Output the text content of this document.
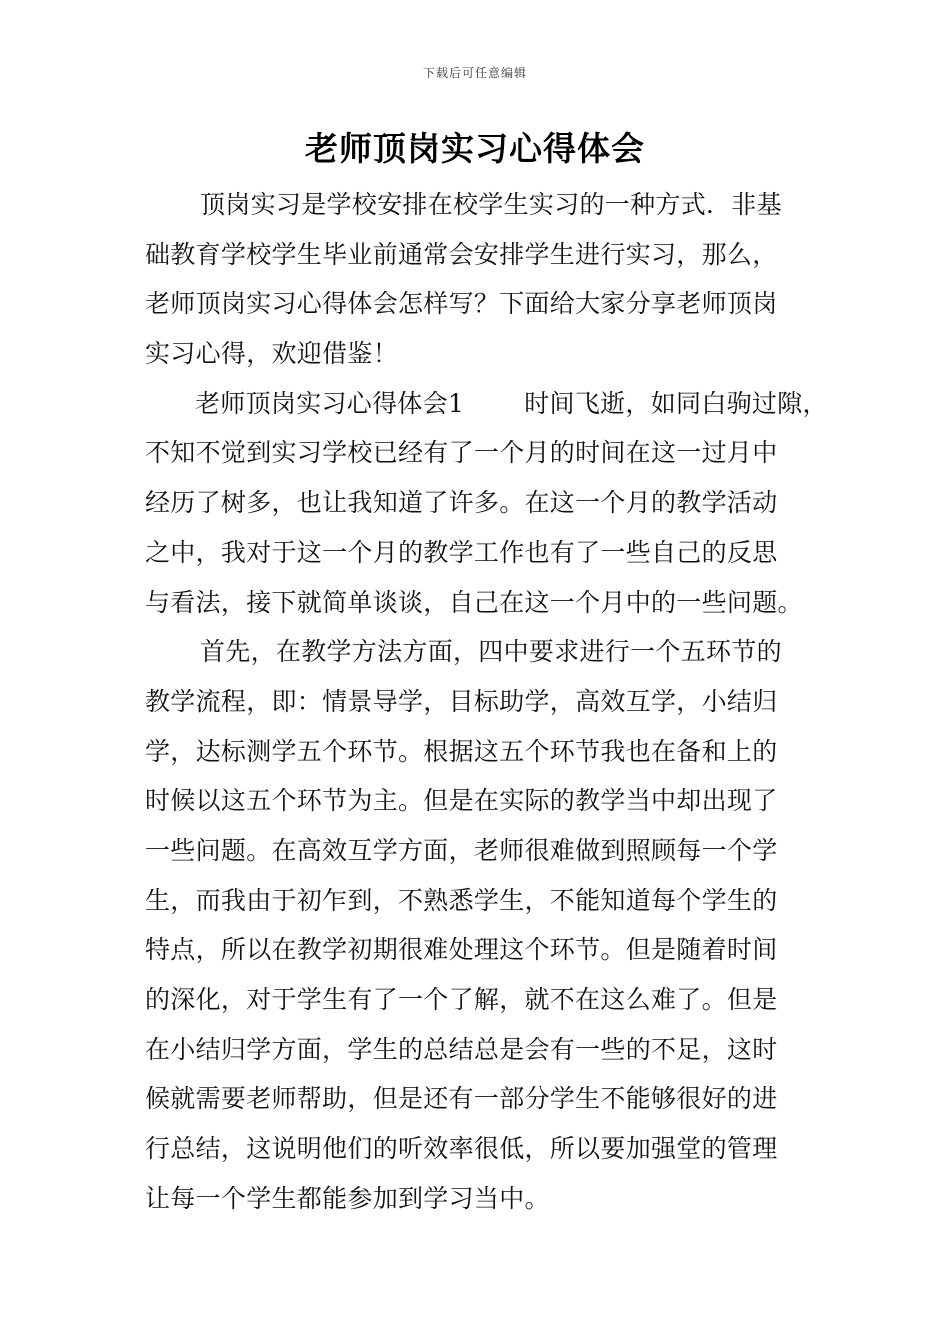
下载后可任意编辑
老师顶岗实习心得体会
顶岗实习是学校安排在校学生实习的一种方式．非基
础教育学校学生毕业前通常会安排学生进行实习，那么，
老师顶岗实习心得体会怎样写？下面给大家分享老师顶岗
实习心得，欢迎借鉴！
老师顶岗实习心得体会1 时间飞逝，如同白驹过隙，
不知不觉到实习学校已经有了一个月的时间在这一过月中
经历了树多，也让我知道了许多。在这一个月的教学活动
之中，我对于这一个月的教学工作也有了一些自己的反思
与看法，接下就简单谈谈，自己在这一个月中的一些问题。
首先，在教学方法方面，四中要求进行一个五环节的
教学流程，即：情景导学，目标助学，高效互学，小结归
学，达标测学五个环节。根据这五个环节我也在备和上的
时候以这五个环节为主。但是在实际的教学当中却出现了
一些问题。在高效互学方面，老师很难做到照顾每一个学
生，而我由于初乍到，不熟悉学生，不能知道每个学生的
特点，所以在教学初期很难处理这个环节。但是随着时间
的深化，对于学生有了一个了解，就不在这么难了。但是
在小结归学方面，学生的总结总是会有一些的不足，这时
候就需要老师帮助，但是还有一部分学生不能够很好的进
行总结，这说明他们的听效率很低，所以要加强堂的管理
让每一个学生都能参加到学习当中。
